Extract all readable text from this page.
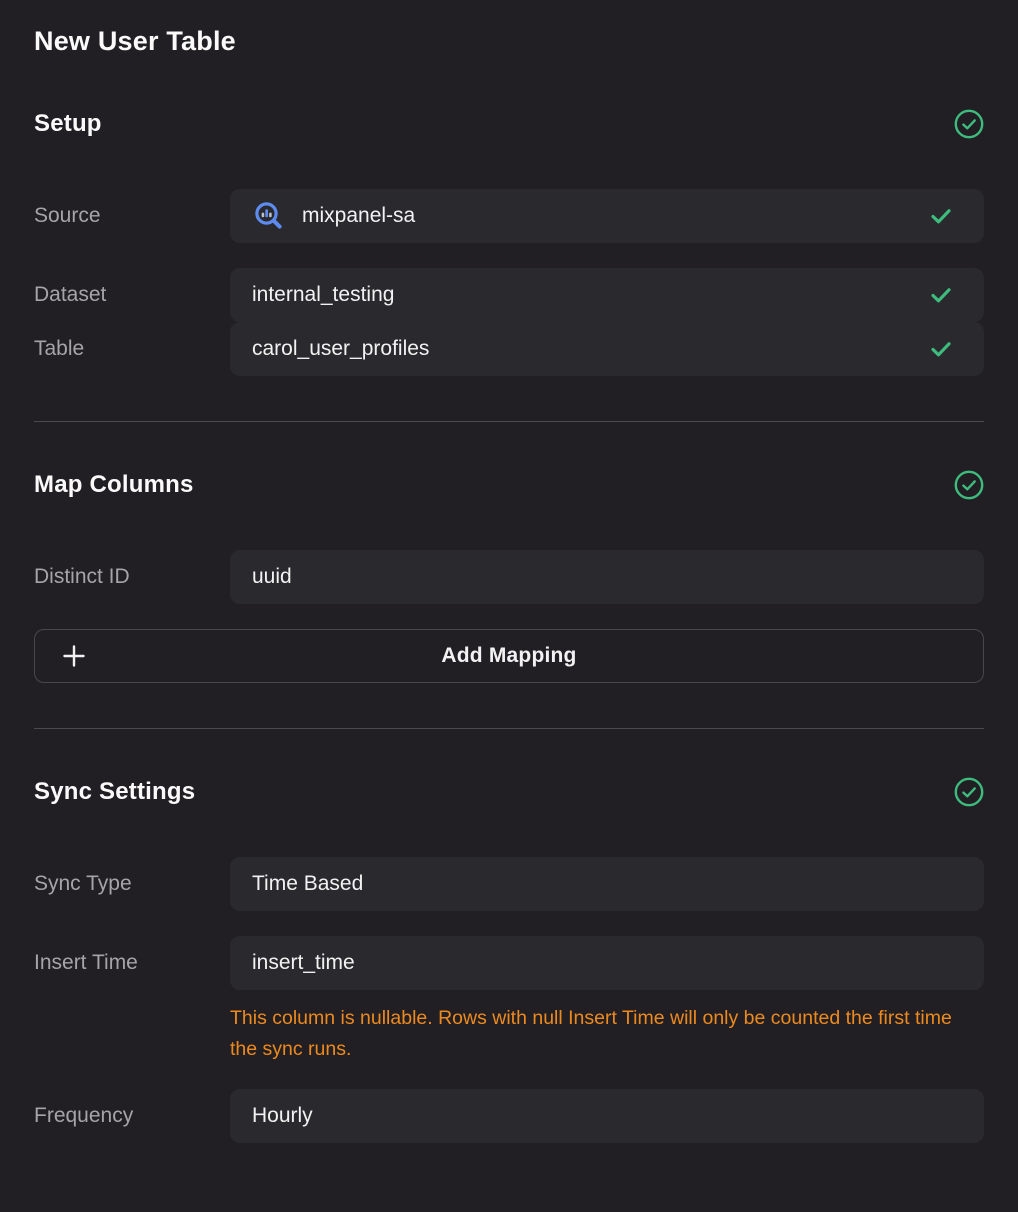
New User Table
Setup
Source	mixpanel-sa
Dataset	internal_testing
Table	carol_user_profiles
Map Columns
Distinct ID	uuid
Add Mapping
Sync Settings
Sync Type	Time Based
Insert Time	insert_time
This column is nullable. Rows with null Insert Time will only be counted the first time the sync runs.
Frequency	Hourly
